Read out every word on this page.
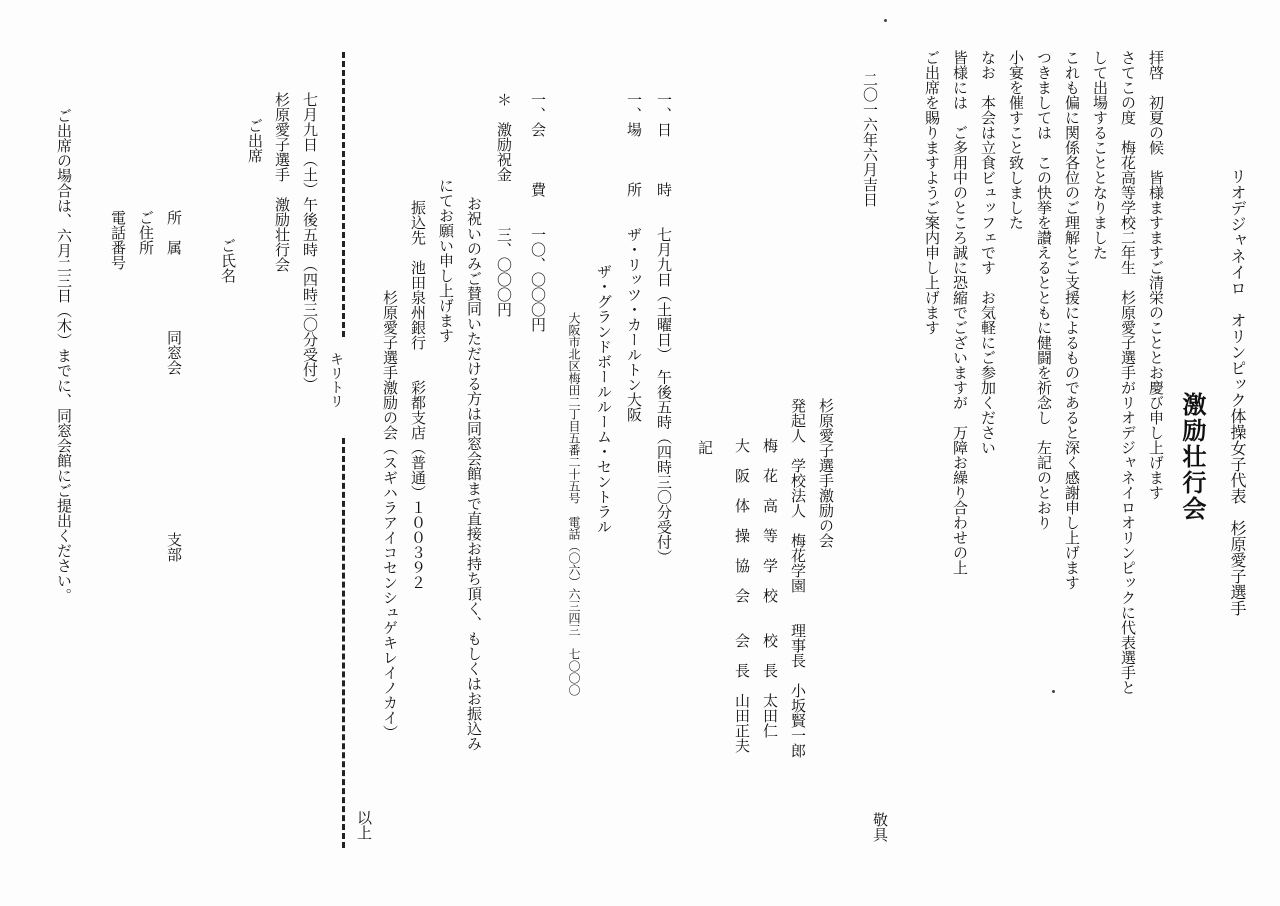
リオデジャネイロ　オリンピック体操女子代表　杉原愛子選手
激励壮行会
拝啓　初夏の候　皆様ますますご清栄のこととお慶び申し上げます
さてこの度　梅花高等学校二年生　杉原愛子選手がリオデジャネイロオリンピックに代表選手と
して出場することとなりました
これも偏に関係各位のご理解とご支援によるものであると深く感謝申し上げます
つきましては　この快挙を讃えるとともに健闘を祈念し　左記のとおり
小宴を催すこと致しました
なお　本会は立食ビュッフェです　お気軽にご参加ください
皆様には　ご多用中のところ誠に恐縮でございますが　万障お繰り合わせの上
ご出席を賜りますようご案内申し上げます
敬具
二〇一六年六月吉日
杉原愛子選手激励の会
発起人　学校法人　梅花学園　　理事長　小坂賢一郎
梅　花　高　等　学　校　　校　長　太田仁
大　阪　体　操　協　会　　会　長　山田正夫
記
一、日　　　時　　七月九日（土曜日）　午後五時（四時三〇分受付）
一、場　　　所　　ザ・リッツ・カールトン大阪
ザ・グランドボールルーム・セントラル
大阪市北区梅田二丁目五番二十五号　電話（〇六）六三四三　七〇〇〇
一、会　　　費　　一〇、〇〇〇円
＊　激励祝金　　　三、〇〇〇円
お祝いのみご賛同いただける方は同窓会館まで直接お持ち頂く、もしくはお振込み
にてお願い申し上げます
振込先　池田泉州銀行　　彩都支店（普通）１００３９２
杉原愛子選手激励の会（スギハラアイコセンシュゲキレイノカイ）
以上
キリトリ
七月九日（土）午後五時（四時三〇分受付）
杉原愛子選手　激励壮行会
ご出席
ご氏名
所　属
同窓会
支部
ご住所
電話番号
ご出席の場合は、六月二三日（木）までに、同窓会館にご提出ください。
